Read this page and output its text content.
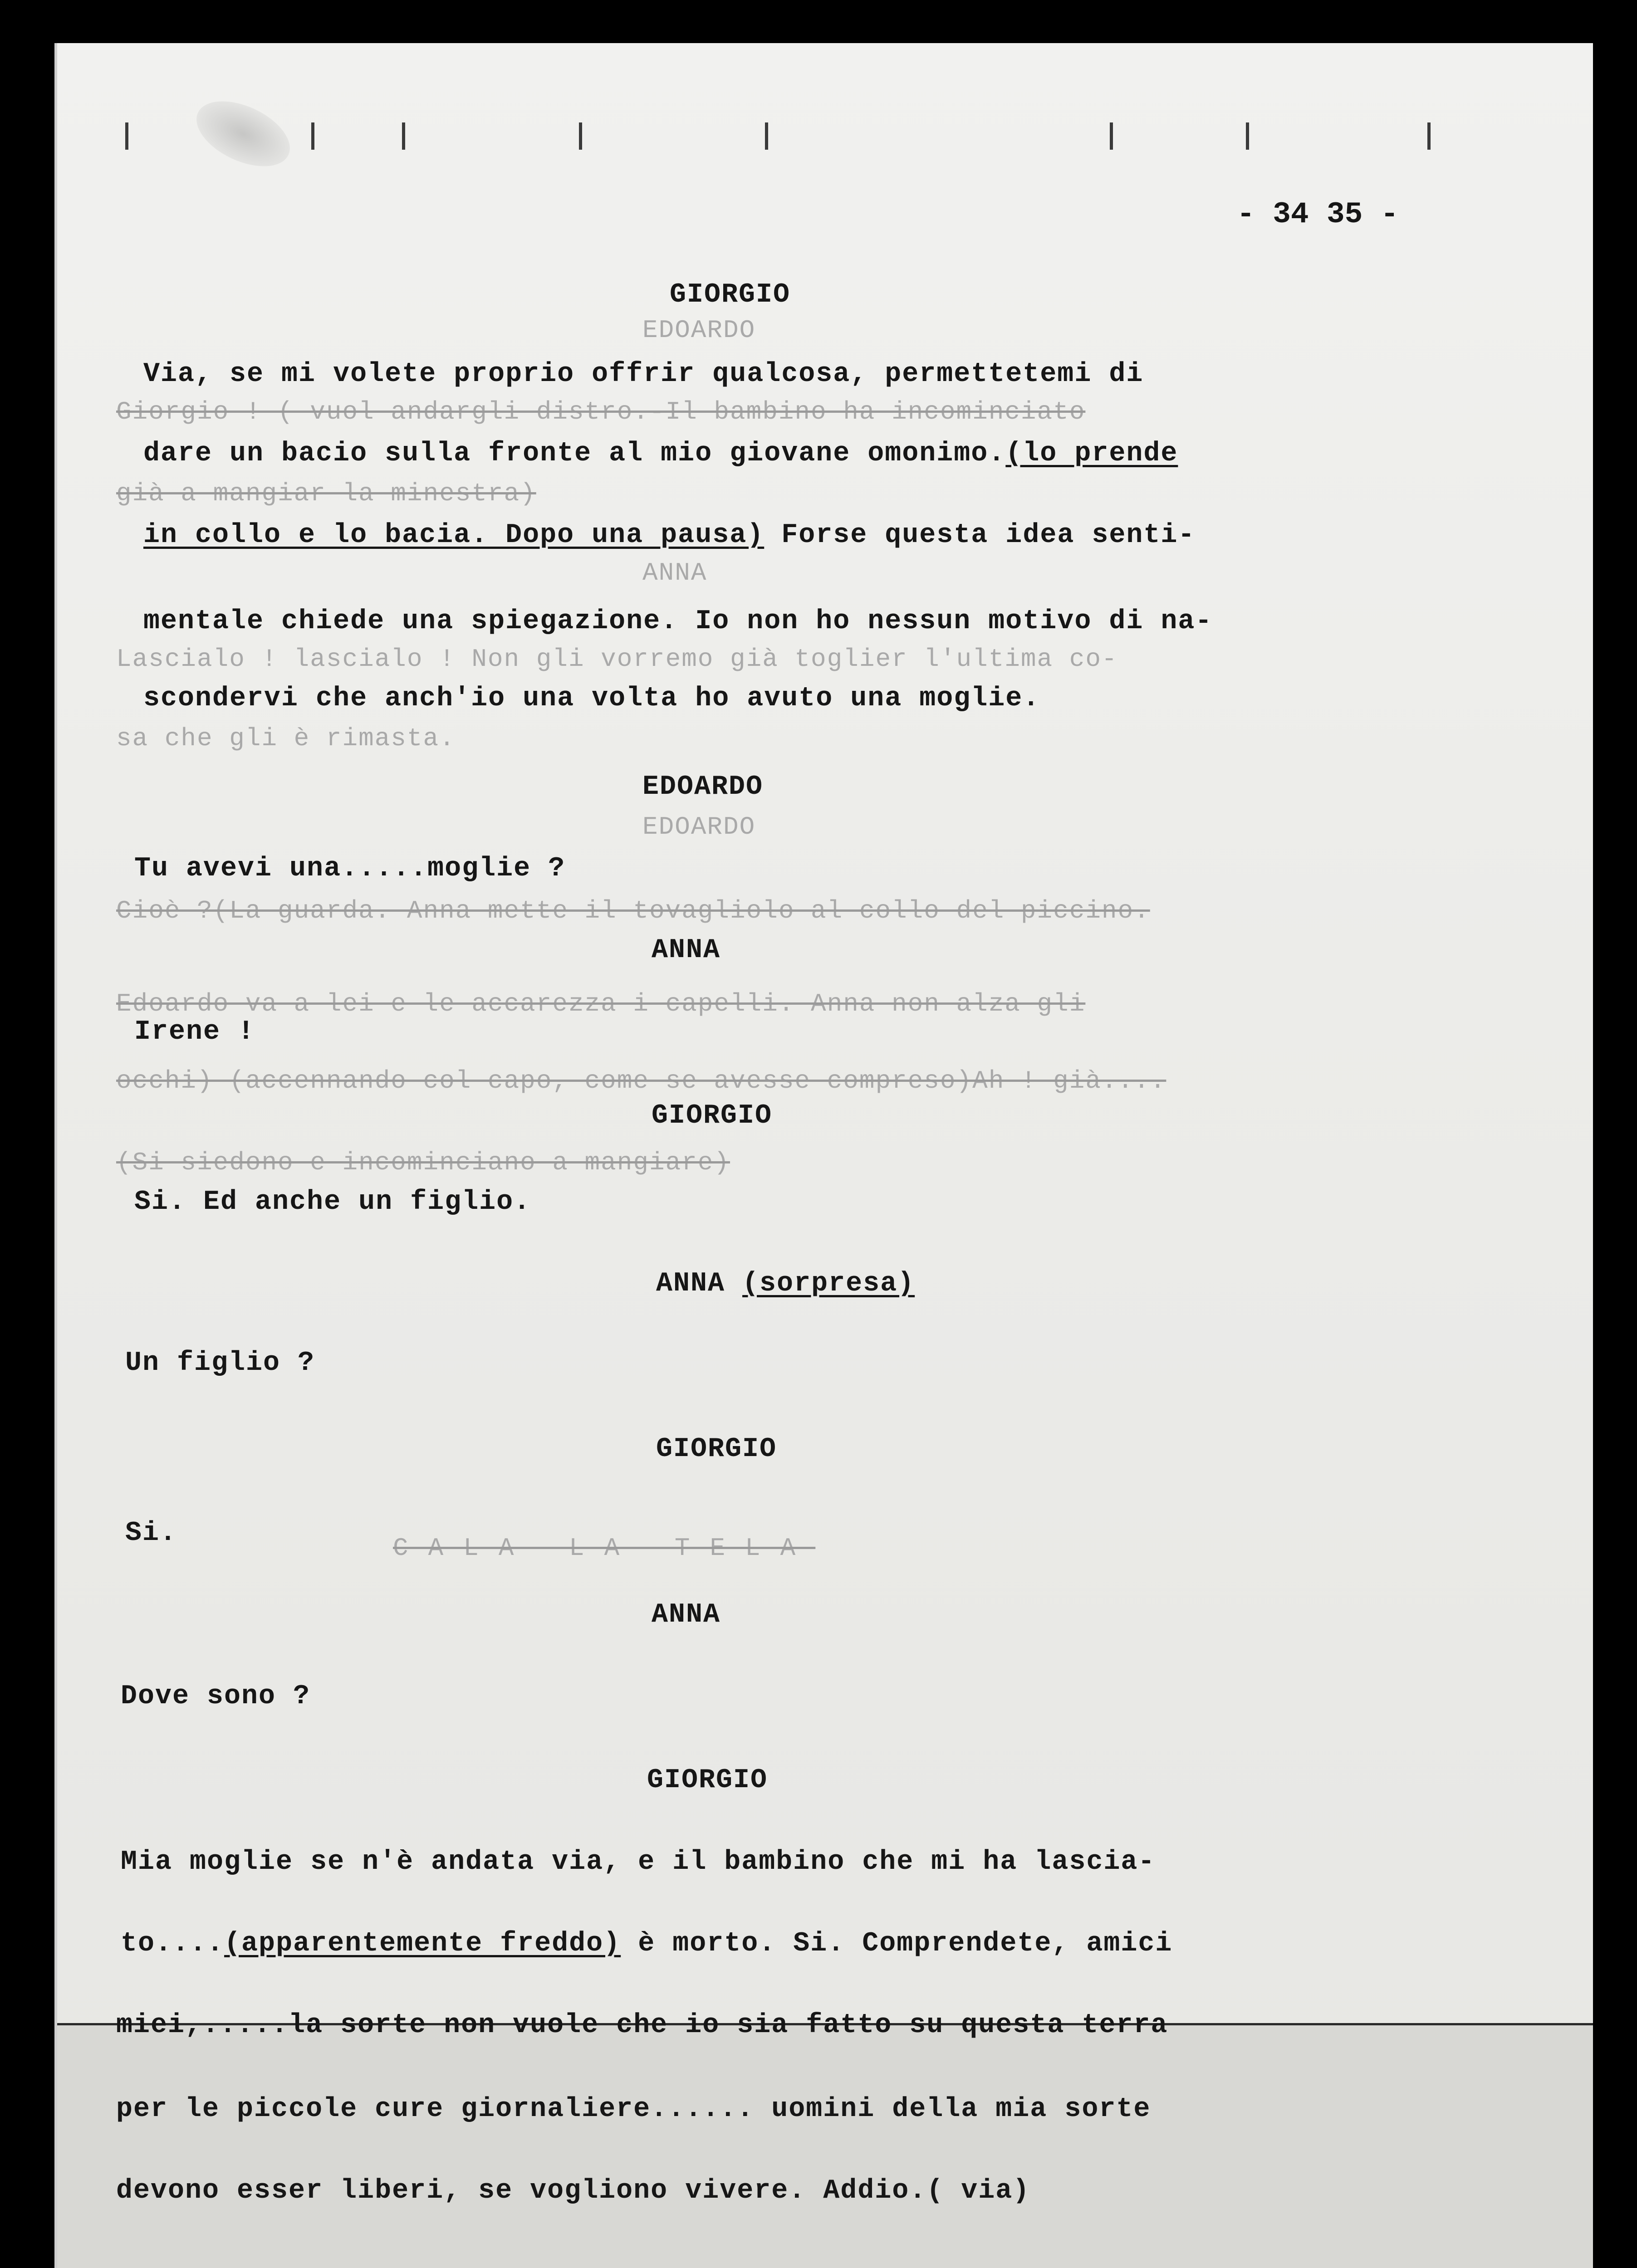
- 34 35 -
EDOARDO
Giorgio ! ( vuol andargli distro.-Il bambino ha incominciato
già a mangiar la minestra)
ANNA
Lascialo ! lascialo ! Non gli vorremo già toglier l'ultima co-
sa che gli è rimasta.
EDOARDO
Cioè ?(La guarda. Anna mette il tovagliolo al collo del piccino.
Edoardo va a lei e le accarezza i capelli. Anna non alza gli
occhi) (accennando col capo, come se avesse compreso)Ah ! già....
(Si siedono e incominciano a mangiare)
CALA LA TELA
GIORGIO
Via, se mi volete proprio offrir qualcosa, permettetemi di
dare un bacio sulla fronte al mio giovane omonimo.(lo prende
in collo e lo bacia. Dopo una pausa) Forse questa idea senti-
mentale chiede una spiegazione. Io non ho nessun motivo di na-
scondervi che anch'io una volta ho avuto una moglie.
EDOARDO
Tu avevi una.....moglie ?
ANNA
Irene !
GIORGIO
Si. Ed anche un figlio.
ANNA (sorpresa)
Un figlio ?
GIORGIO
Si.
ANNA
Dove sono ?
GIORGIO
Mia moglie se n'è andata via, e il bambino che mi ha lascia-
to....(apparentemente freddo) è morto. Si. Comprendete, amici
miei,.....la sorte non vuole che io sia fatto su questa terra
per le piccole cure giornaliere...... uomini della mia sorte
devono esser liberi, se vogliono vivere. Addio.( via)
